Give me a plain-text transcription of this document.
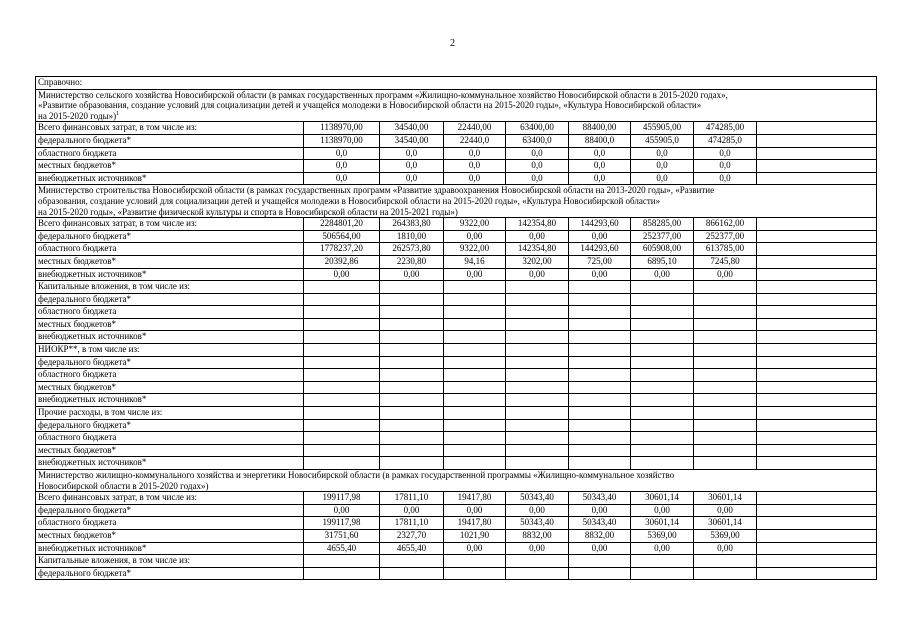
2
Справочно:								
Министерство сельского хозяйства Новосибирской области (в рамках государственных программ «Жилищно-коммунальное хозяйство Новосибирской области в 2015-2020 годах»,
«Развитие образования, создание условий для социализации детей и учащейся молодежи в Новосибирской области на 2015-2020 годы», «Культура Новосибирской области»
на 2015-2020 годы»)$^1$
Всего финансовых затрат, в том числе из:	1138970,00	34540,00	22440,00	63400,00	88400,00	455905,00	474285,00	
федерального бюджета*	1138970,00	34540,00	22440,0	63400,0	88400,0	455905,0	474285,0	
областного бюджета	0,0	0,0	0,0	0,0	0,0	0,0	0,0	
местных бюджетов*	0,0	0,0	0,0	0,0	0,0	0,0	0,0	
внебюджетных источников*	0,0	0,0	0,0	0,0	0,0	0,0	0,0	
Министерство строительства Новосибирской области (в рамках государственных программ «Развитие здравоохранения Новосибирской области на 2013-2020 годы», «Развитие
образования, создание условий для социализации детей и учащейся молодежи в Новосибирской области на 2015-2020 годы», «Культура Новосибирской области»
на 2015-2020 годы», «Развитие физической культуры и спорта в Новосибирской области на 2015-2021 годы»)								
Всего финансовых затрат, в том числе из:	2284801,20	264383,80	9322,00	142354,80	144293,60	858285,00	866162,00	
федерального бюджета*	506564,00	1810,00	0,00	0,00	0,00	252377,00	252377,00	
областного бюджета	1778237,20	262573,80	9322,00	142354,80	144293,60	605908,00	613785,00	
местных бюджетов*	20392,86	2230,80	94,16	3202,00	725,00	6895,10	7245,80	
внебюджетных источников*	0,00	0,00	0,00	0,00	0,00	0,00	0,00	
Капитальные вложения, в том числе из:								
федерального бюджета*								
областного бюджета								
местных бюджетов*								
внебюджетных источников*								
НИОКР**, в том числе из:								
федерального бюджета*								
областного бюджета								
местных бюджетов*								
внебюджетных источников*								
Прочие расходы, в том числе из:								
федерального бюджета*								
областного бюджета								
местных бюджетов*								
внебюджетных источников*								
Министерство жилищно-коммунального хозяйства и энергетики Новосибирской области (в рамках государственной программы «Жилищно-коммунальное хозяйство
Новосибирской области в 2015-2020 годах»)								
Всего финансовых затрат, в том числе из:	199117,98	17811,10	19417,80	50343,40	50343,40	30601,14	30601,14	
федерального бюджета*	0,00	0,00	0,00	0,00	0,00	0,00	0,00	
областного бюджета	199117,98	17811,10	19417,80	50343,40	50343,40	30601,14	30601,14	
местных бюджетов*	31751,60	2327,70	1021,90	8832,00	8832,00	5369,00	5369,00	
внебюджетных источников*	4655,40	4655,40	0,00	0,00	0,00	0,00	0,00	
Капитальные вложения, в том числе из:								
федерального бюджета*								
